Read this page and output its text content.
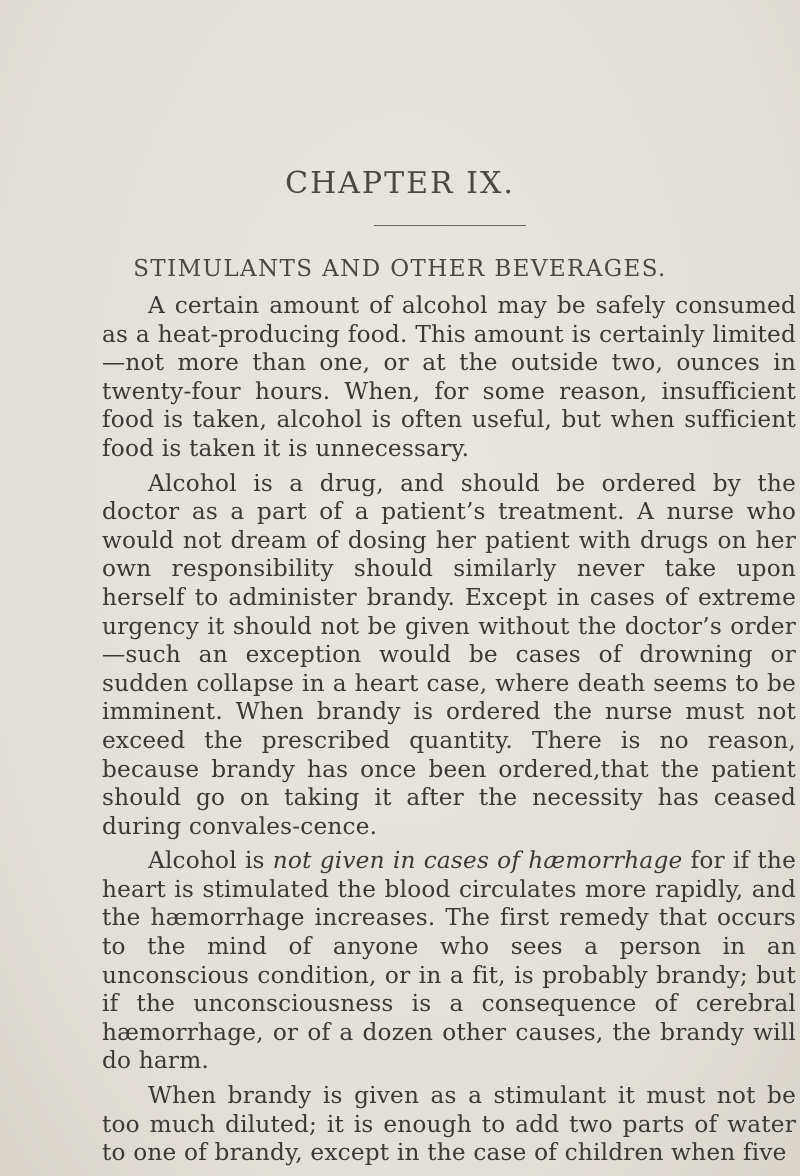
CHAPTER IX.
STIMULANTS AND OTHER BEVERAGES.

A certain amount of alcohol may be safely consumed as a heat-producing food. This amount is certainly limited—not more than one, or at the outside two, ounces in twenty-four hours. When, for some reason, insufficient food is taken, alcohol is often useful, but when sufficient food is taken it is unnecessary.

Alcohol is a drug, and should be ordered by the doctor as a part of a patient’s treatment. A nurse who would not dream of dosing her patient with drugs on her own responsibility should similarly never take upon herself to administer brandy. Except in cases of extreme urgency it should not be given without the doctor’s order—such an exception would be cases of drowning or sudden collapse in a heart case, where death seems to be imminent. When brandy is ordered the nurse must not exceed the prescribed quantity. There is no reason, because brandy has once been ordered,that the patient should go on taking it after the necessity has ceased during convales-cence.

Alcohol is not given in cases of hæmorrhage for if the heart is stimulated the blood circulates more rapidly, and the hæmorrhage increases. The first remedy that occurs to the mind of anyone who sees a person in an unconscious condition, or in a fit, is probably brandy; but if the unconsciousness is a consequence of cerebral hæmorrhage, or of a dozen other causes, the brandy will do harm.

When brandy is given as a stimulant it must not be too much diluted; it is enough to add two parts of water to one of brandy, except in the case of children when five
